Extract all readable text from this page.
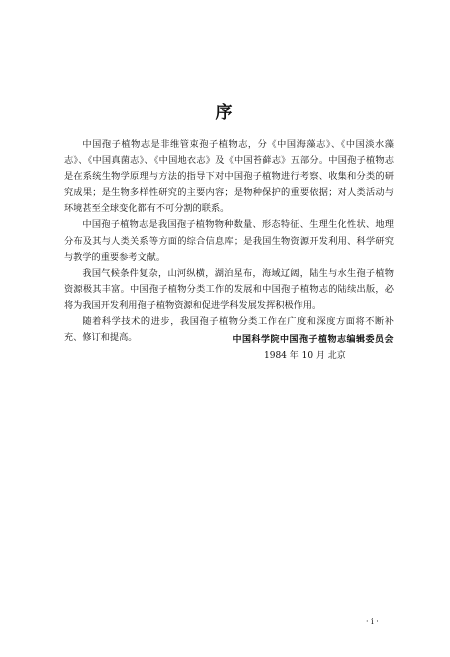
序

中国孢子植物志是非维管束孢子植物志，分《中国海藻志》、《中国淡水藻志》、《中国真菌志》、《中国地衣志》及《中国苔藓志》五部分。中国孢子植物志是在系统生物学原理与方法的指导下对中国孢子植物进行考察、收集和分类的研究成果；是生物多样性研究的主要内容；是物种保护的重要依据；对人类活动与环境甚至全球变化都有不可分割的联系。

中国孢子植物志是我国孢子植物物种数量、形态特征、生理生化性状、地理分布及其与人类关系等方面的综合信息库；是我国生物资源开发利用、科学研究与教学的重要参考文献。

我国气候条件复杂，山河纵横，湖泊星布，海域辽阔，陆生与水生孢子植物资源极其丰富。中国孢子植物分类工作的发展和中国孢子植物志的陆续出版，必将为我国开发利用孢子植物资源和促进学科发展发挥积极作用。

随着科学技术的进步，我国孢子植物分类工作在广度和深度方面将不断补充、修订和提高。	中国科学院中国孢子植物志编辑委员会
1984 年 10 月 北京
· i ·
